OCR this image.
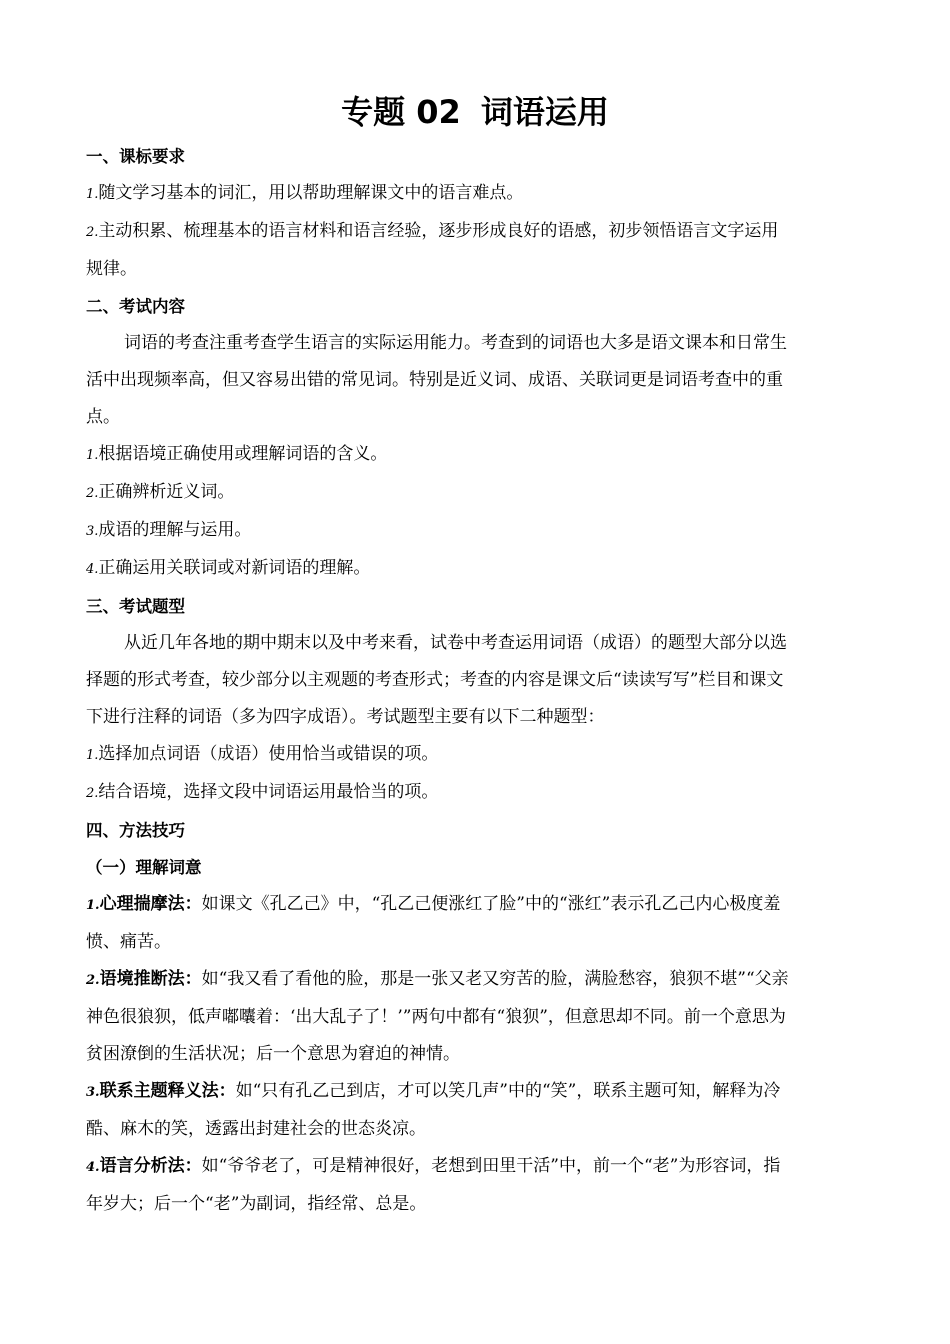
专题 02 词语运用
一、课标要求
1.随文学习基本的词汇，用以帮助理解课文中的语言难点。
2.主动积累、梳理基本的语言材料和语言经验，逐步形成良好的语感，初步领悟语言文字运用
规律。
二、考试内容
词语的考查注重考查学生语言的实际运用能力。考查到的词语也大多是语文课本和日常生
活中出现频率高，但又容易出错的常见词。特别是近义词、成语、关联词更是词语考查中的重
点。
1.根据语境正确使用或理解词语的含义。
2.正确辨析近义词。
3.成语的理解与运用。
4.正确运用关联词或对新词语的理解。
三、考试题型
从近几年各地的期中期末以及中考来看，试卷中考查运用词语（成语）的题型大部分以选
择题的形式考查，较少部分以主观题的考查形式；考查的内容是课文后“读读写写”栏目和课文
下进行注释的词语（多为四字成语）。考试题型主要有以下二种题型：
1.选择加点词语（成语）使用恰当或错误的项。
2.结合语境，选择文段中词语运用最恰当的项。
四、方法技巧
（一）理解词意
1.心理揣摩法：如课文《孔乙己》中，“孔乙己便涨红了脸”中的“涨红”表示孔乙己内心极度羞
愤、痛苦。
2.语境推断法：如“我又看了看他的脸，那是一张又老又穷苦的脸，满脸愁容，狼狈不堪”“父亲
神色很狼狈，低声嘟囔着：‘出大乱子了！’”两句中都有“狼狈”，但意思却不同。前一个意思为
贫困潦倒的生活状况；后一个意思为窘迫的神情。
3.联系主题释义法：如“只有孔乙己到店，才可以笑几声”中的“笑”，联系主题可知，解释为冷
酷、麻木的笑，透露出封建社会的世态炎凉。
4.语言分析法：如“爷爷老了，可是精神很好，老想到田里干活”中，前一个“老”为形容词，指
年岁大；后一个“老”为副词，指经常、总是。
